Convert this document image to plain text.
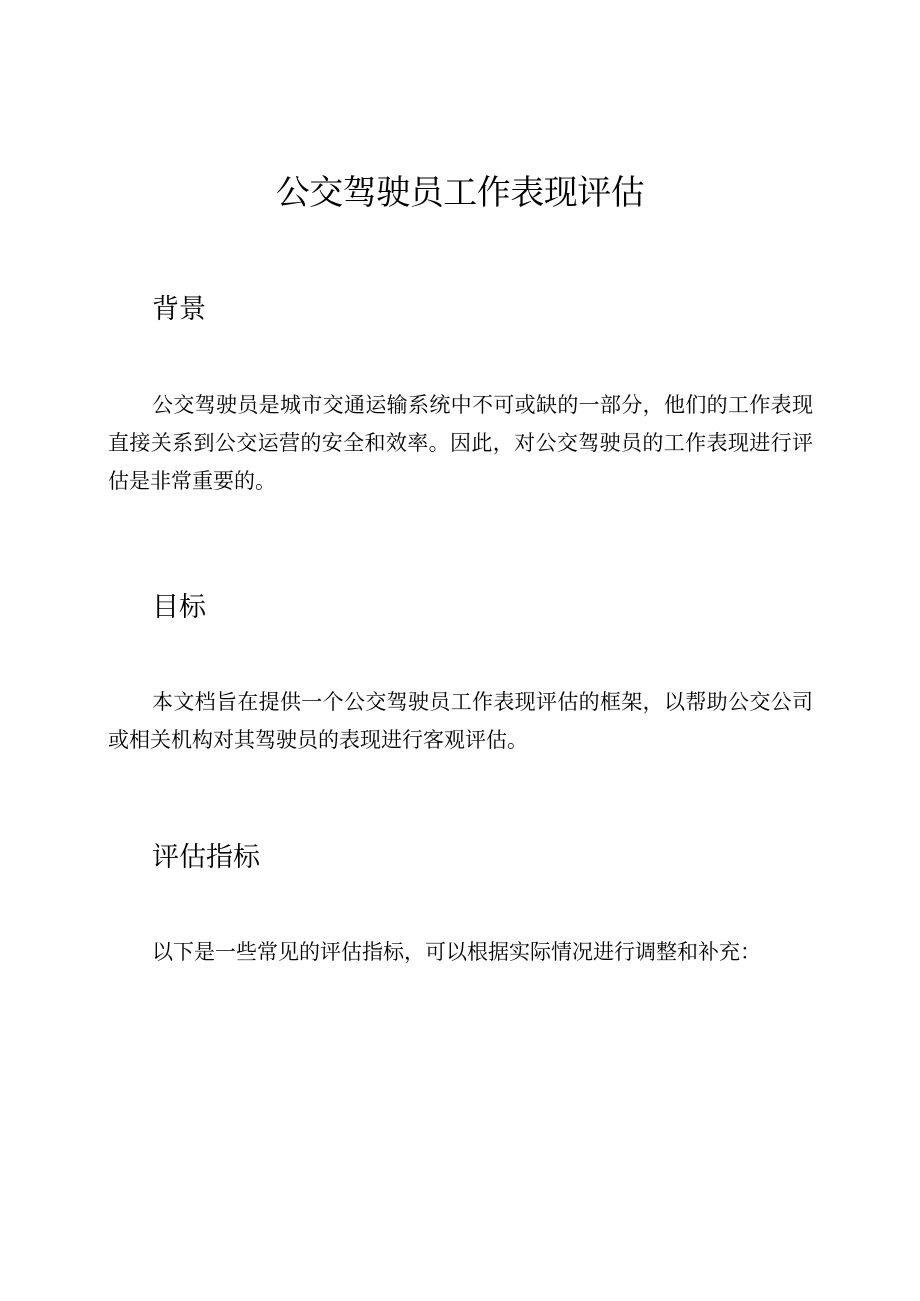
公交驾驶员工作表现评估
背景

公交驾驶员是城市交通运输系统中不可或缺的一部分，他们的工作表现直接关系到公交运营的安全和效率。因此，对公交驾驶员的工作表现进行评估是非常重要的。

目标

本文档旨在提供一个公交驾驶员工作表现评估的框架，以帮助公交公司或相关机构对其驾驶员的表现进行客观评估。

评估指标

以下是一些常见的评估指标，可以根据实际情况进行调整和补充：
